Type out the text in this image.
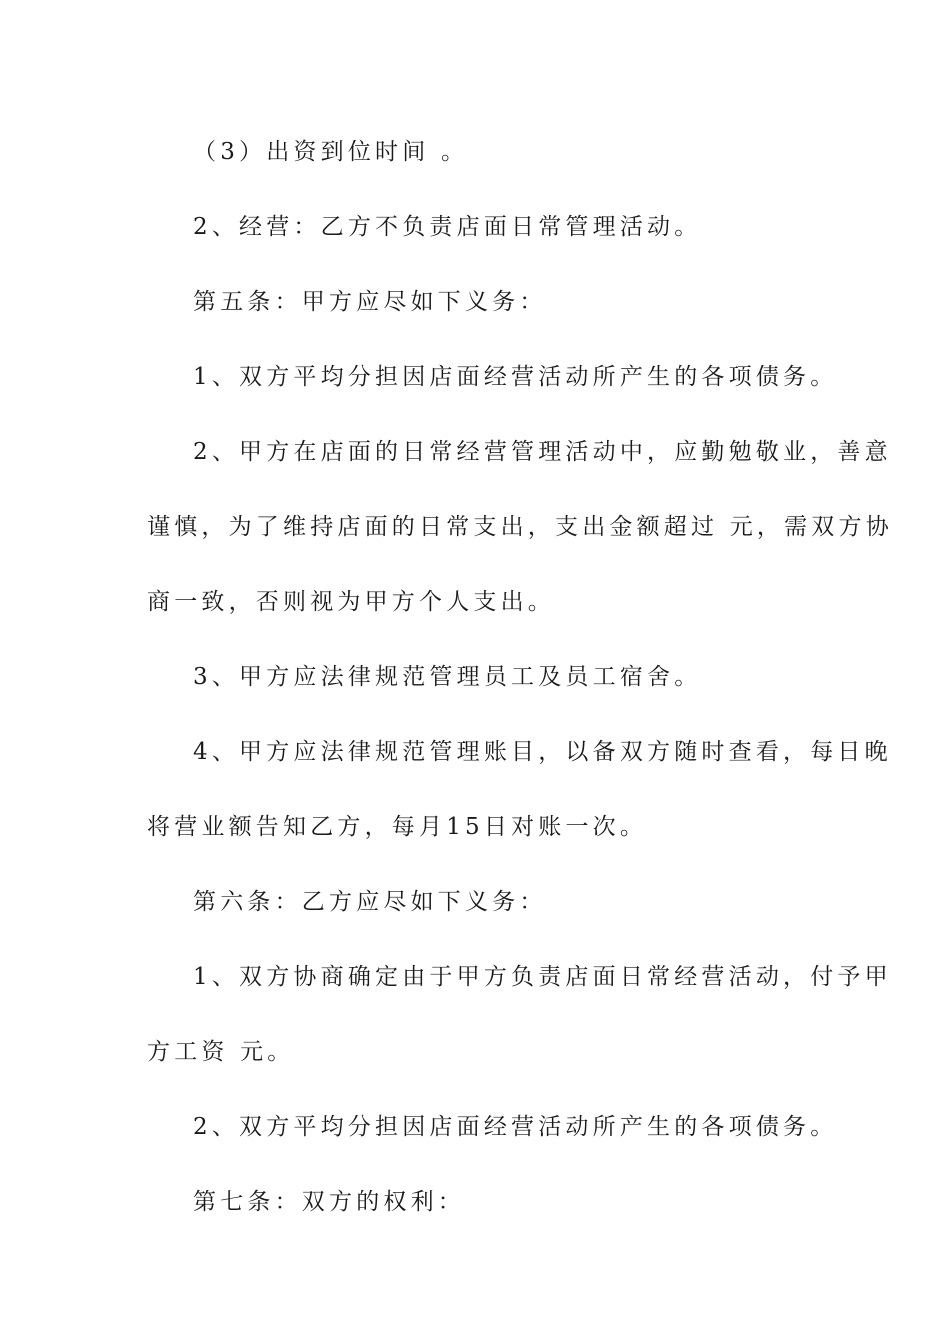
（3）出资到位时间 。
2、经营：乙方不负责店面日常管理活动。
第五条：甲方应尽如下义务：
1、双方平均分担因店面经营活动所产生的各项债务。
2、甲方在店面的日常经营管理活动中，应勤勉敬业，善意
谨慎，为了维持店面的日常支出，支出金额超过 元，需双方协
商一致，否则视为甲方个人支出。
3、甲方应法律规范管理员工及员工宿舍。
4、甲方应法律规范管理账目，以备双方随时查看，每日晚
将营业额告知乙方，每月15日对账一次。
第六条：乙方应尽如下义务：
1、双方协商确定由于甲方负责店面日常经营活动，付予甲
方工资 元。
2、双方平均分担因店面经营活动所产生的各项债务。
第七条：双方的权利：
